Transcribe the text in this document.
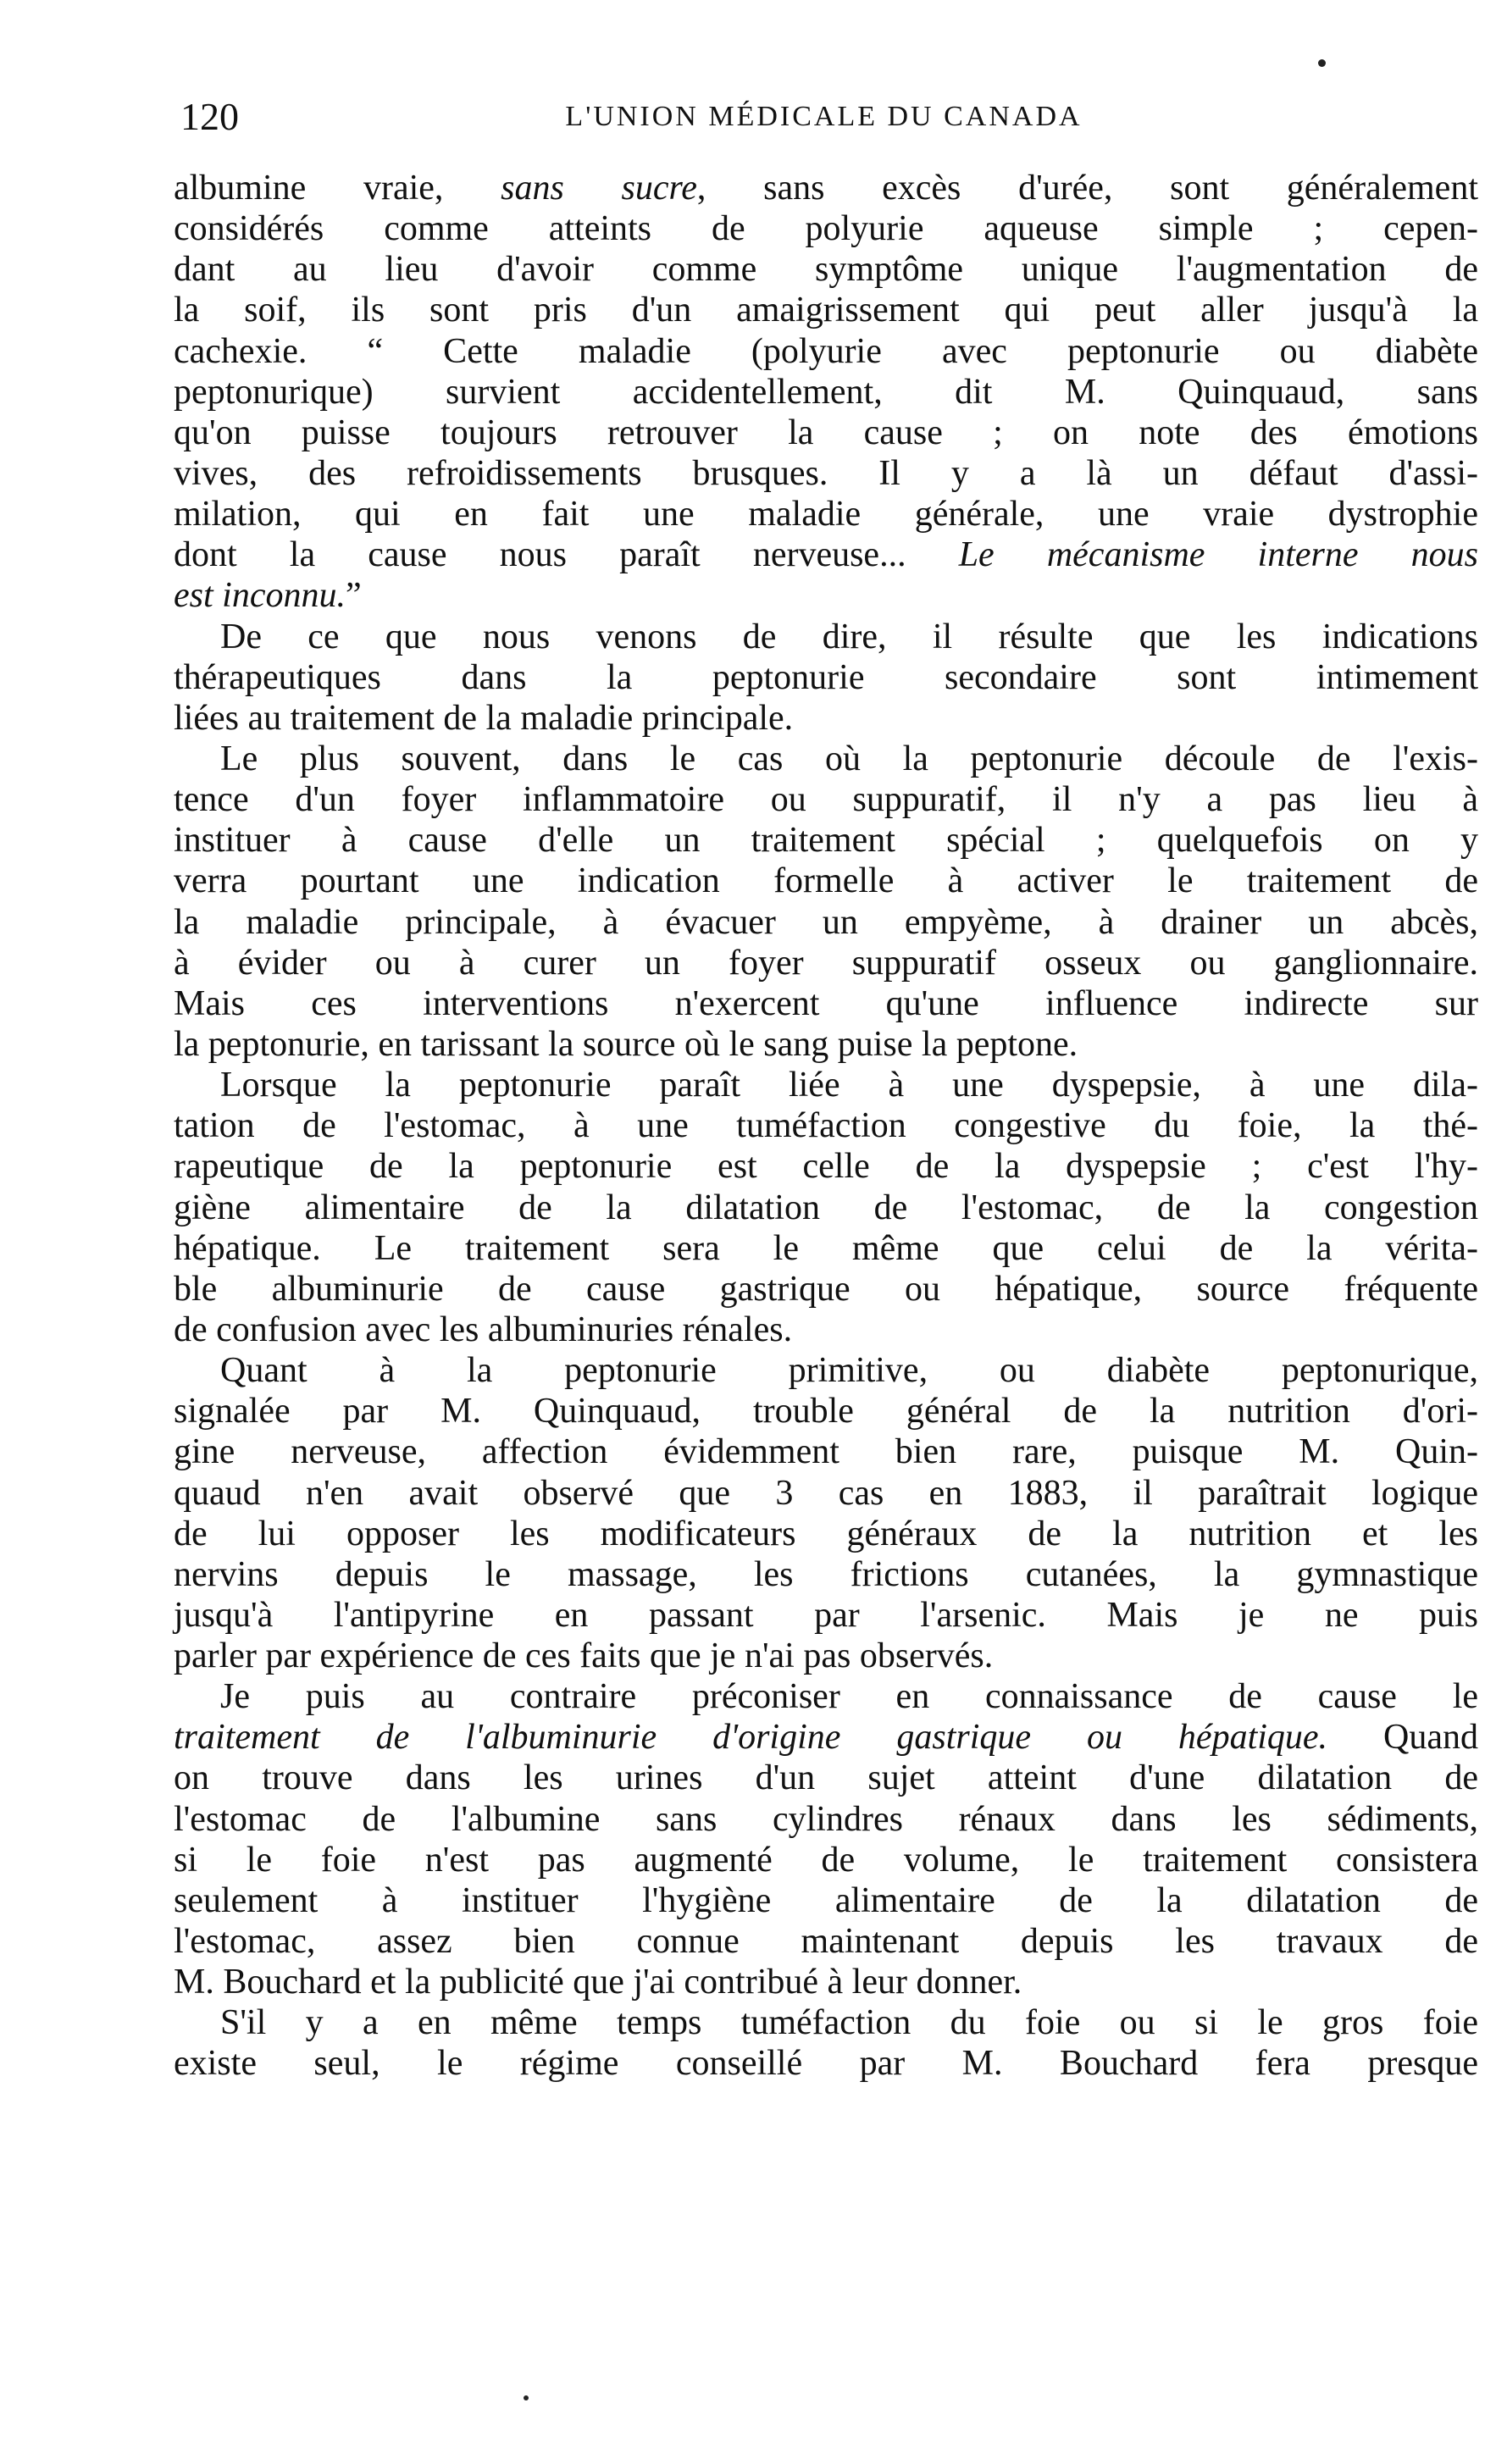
120	L'UNION MÉDICALE DU CANADA
albumine vraie, sans sucre, sans excès d'urée, sont généralement
considérés comme atteints de polyurie aqueuse simple ; cepen-
dant au lieu d'avoir comme symptôme unique l'augmentation de
la soif, ils sont pris d'un amaigrissement qui peut aller jusqu'à la
cachexie. “ Cette maladie (polyurie avec peptonurie ou diabète
peptonurique) survient accidentellement, dit M. Quinquaud, sans
qu'on puisse toujours retrouver la cause ; on note des émotions
vives, des refroidissements brusques. Il y a là un défaut d'assi-
milation, qui en fait une maladie générale, une vraie dystrophie
dont la cause nous paraît nerveuse... Le mécanisme interne nous
est inconnu.”
De ce que nous venons de dire, il résulte que les indications
thérapeutiques dans la peptonurie secondaire sont intimement
liées au traitement de la maladie principale.
Le plus souvent, dans le cas où la peptonurie découle de l'exis-
tence d'un foyer inflammatoire ou suppuratif, il n'y a pas lieu à
instituer à cause d'elle un traitement spécial ; quelquefois on y
verra pourtant une indication formelle à activer le traitement de
la maladie principale, à évacuer un empyème, à drainer un abcès,
à évider ou à curer un foyer suppuratif osseux ou ganglionnaire.
Mais ces interventions n'exercent qu'une influence indirecte sur
la peptonurie, en tarissant la source où le sang puise la peptone.
Lorsque la peptonurie paraît liée à une dyspepsie, à une dila-
tation de l'estomac, à une tuméfaction congestive du foie, la thé-
rapeutique de la peptonurie est celle de la dyspepsie ; c'est l'hy-
giène alimentaire de la dilatation de l'estomac, de la congestion
hépatique. Le traitement sera le même que celui de la vérita-
ble albuminurie de cause gastrique ou hépatique, source fréquente
de confusion avec les albuminuries rénales.
Quant à la peptonurie primitive, ou diabète peptonurique,
signalée par M. Quinquaud, trouble général de la nutrition d'ori-
gine nerveuse, affection évidemment bien rare, puisque M. Quin-
quaud n'en avait observé que 3 cas en 1883, il paraîtrait logique
de lui opposer les modificateurs généraux de la nutrition et les
nervins depuis le massage, les frictions cutanées, la gymnastique
jusqu'à l'antipyrine en passant par l'arsenic. Mais je ne puis
parler par expérience de ces faits que je n'ai pas observés.
Je puis au contraire préconiser en connaissance de cause le
traitement de l'albuminurie d'origine gastrique ou hépatique. Quand
on trouve dans les urines d'un sujet atteint d'une dilatation de
l'estomac de l'albumine sans cylindres rénaux dans les sédiments,
si le foie n'est pas augmenté de volume, le traitement consistera
seulement à instituer l'hygiène alimentaire de la dilatation de
l'estomac, assez bien connue maintenant depuis les travaux de
M. Bouchard et la publicité que j'ai contribué à leur donner.
S'il y a en même temps tuméfaction du foie ou si le gros foie
existe seul, le régime conseillé par M. Bouchard fera presque
